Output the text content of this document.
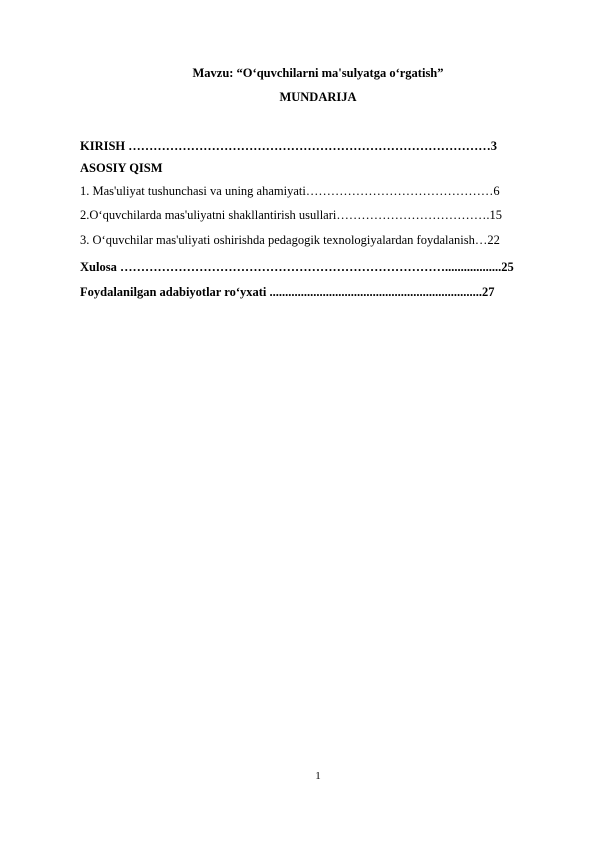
Mavzu: “O‘quvchilarni ma'sulyatga o‘rgatish”
MUNDARIJA
KIRISH ……………………………………………………………………………3
ASOSIY QISM
1. Mas'uliyat tushunchasi va uning ahamiyati………………………………………6
2.O‘quvchilarda mas'uliyatni shakllantirish usullari……………………………….15
3. O‘quvchilar mas'uliyati oshirishda pedagogik texnologiyalardan foydalanish…22
Xulosa ……………………………………………………………………..................25
Foydalanilgan adabiyotlar ro‘yxati ....................................................................27
1
